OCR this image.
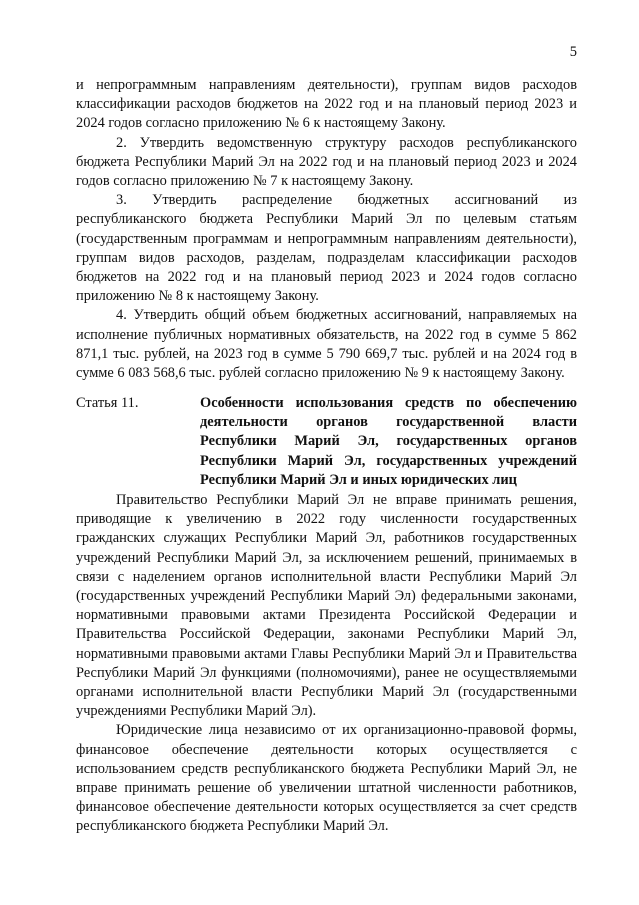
5

и непрограммным направлениям деятельности), группам видов расходов классификации расходов бюджетов на 2022 год и на плановый период 2023 и 2024 годов согласно приложению № 6 к настоящему Закону.

2. Утвердить ведомственную структуру расходов республиканского бюджета Республики Марий Эл на 2022 год и на плановый период 2023 и 2024 годов согласно приложению № 7 к настоящему Закону.

3. Утвердить распределение бюджетных ассигнований из республиканского бюджета Республики Марий Эл по целевым статьям (государственным программам и непрограммным направлениям деятельности), группам видов расходов, разделам, подразделам классификации расходов бюджетов на 2022 год и на плановый период 2023 и 2024 годов согласно приложению № 8 к настоящему Закону.

4. Утвердить общий объем бюджетных ассигнований, направляемых на исполнение публичных нормативных обязательств, на 2022 год в сумме 5 862 871,1 тыс. рублей, на 2023 год в сумме 5 790 669,7 тыс. рублей и на 2024 год в сумме 6 083 568,6 тыс. рублей согласно приложению № 9 к настоящему Закону.

Статья 11.	Особенности использования средств по обеспечению деятельности органов государственной власти Республики Марий Эл, государственных органов Республики Марий Эл, государственных учреждений Республики Марий Эл и иных юридических лиц

Правительство Республики Марий Эл не вправе принимать решения, приводящие к увеличению в 2022 году численности государственных гражданских служащих Республики Марий Эл, работников государственных учреждений Республики Марий Эл, за исключением решений, принимаемых в связи с наделением органов исполнительной власти Республики Марий Эл (государственных учреждений Республики Марий Эл) федеральными законами, нормативными правовыми актами Президента Российской Федерации и Правительства Российской Федерации, законами Республики Марий Эл, нормативными правовыми актами Главы Республики Марий Эл и Правительства Республики Марий Эл функциями (полномочиями), ранее не осуществляемыми органами исполнительной власти Республики Марий Эл (государственными учреждениями Республики Марий Эл).

Юридические лица независимо от их организационно-правовой формы, финансовое обеспечение деятельности которых осуществляется с использованием средств республиканского бюджета Республики Марий Эл, не вправе принимать решение об увеличении штатной численности работников, финансовое обеспечение деятельности которых осуществляется за счет средств республиканского бюджета Республики Марий Эл.
